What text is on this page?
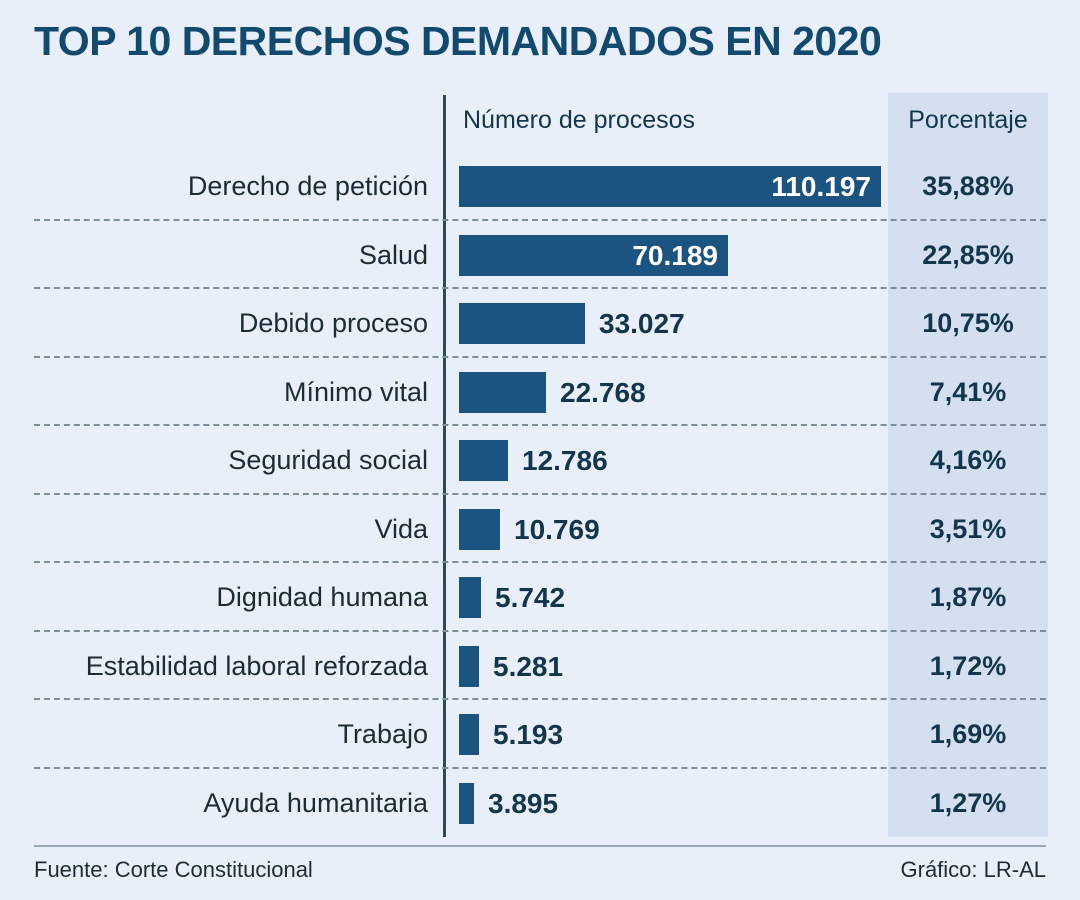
TOP 10 DERECHOS DEMANDADOS EN 2020
Número de procesos	Porcentaje
Derecho de petición	110.197	35,88%
Salud	70.189	22,85%
Debido proceso	33.027	10,75%
Mínimo vital	22.768	7,41%
Seguridad social	12.786	4,16%
Vida	10.769	3,51%
Dignidad humana 5.742	1,87%
Estabilidad laboral reforzada 5.281	1,72%
Trabajo 5.193	1,69%
Ayuda humanitaria 3.895	1,27%
Fuente: Corte Constitucional	Gráfico: LR-AL
